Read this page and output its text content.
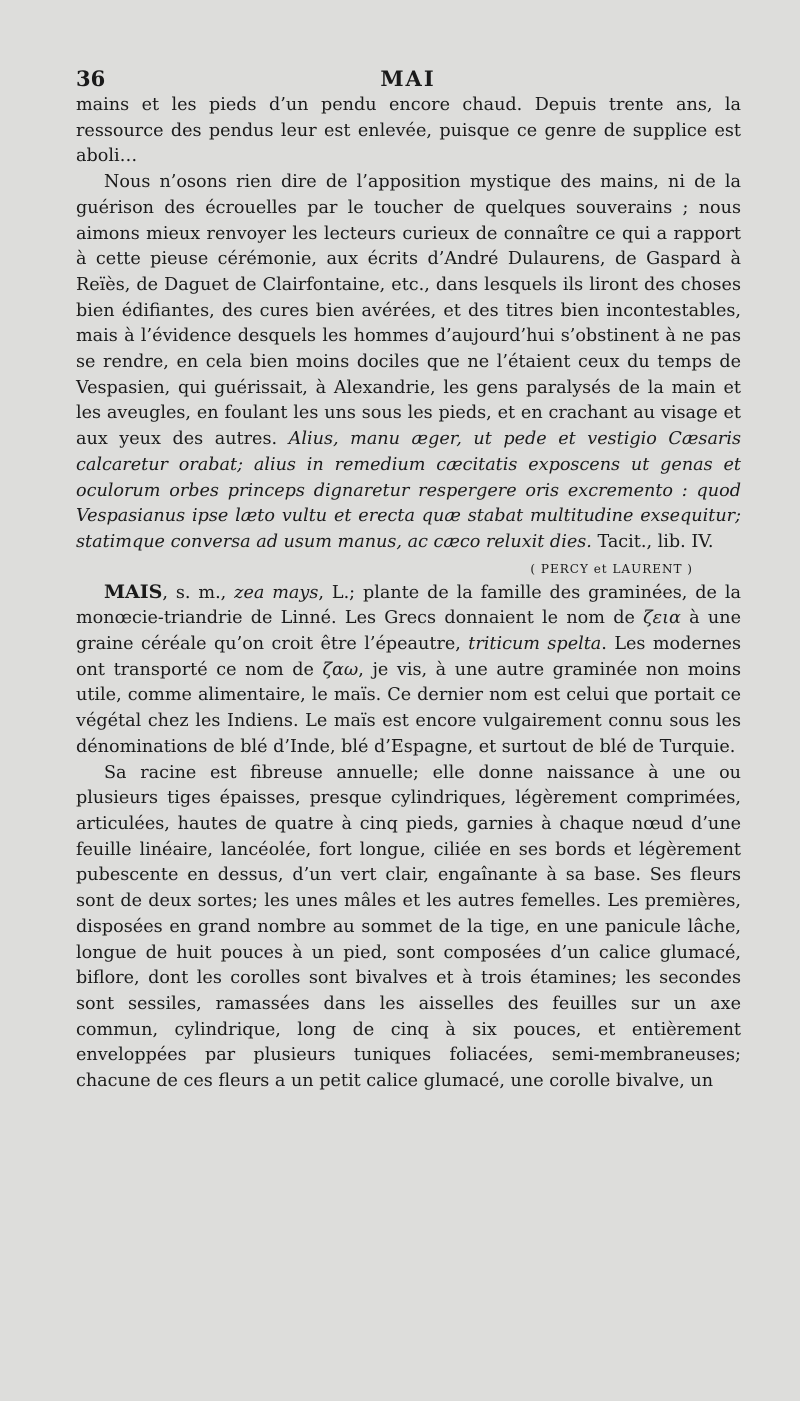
36	MAI

mains et les pieds d’un pendu encore chaud. Depuis trente ans, la ressource des pendus leur est enlevée, puisque ce genre de supplice est aboli…

Nous n’osons rien dire de l’apposition mystique des mains, ni de la guérison des écrouelles par le toucher de quelques souverains ; nous aimons mieux renvoyer les lecteurs curieux de connaître ce qui a rapport à cette pieuse cérémonie, aux écrits d’André Dulaurens, de Gaspard à Reïès, de Daguet de Clairfontaine, etc., dans lesquels ils liront des choses bien édifiantes, des cures bien avérées, et des titres bien incontestables, mais à l’évidence desquels les hommes d’aujourd’hui s’obstinent à ne pas se rendre, en cela bien moins dociles que ne l’étaient ceux du temps de Vespasien, qui guérissait, à Alexandrie, les gens paralysés de la main et les aveugles, en foulant les uns sous les pieds, et en crachant au visage et aux yeux des autres. Alius, manu æger, ut pede et vestigio Cæsaris calcaretur orabat; alius in remedium cæcitatis exposcens ut genas et oculorum orbes princeps dignaretur respergere oris excremento : quod Vespasianus ipse læto vultu et erecta quæ stabat multitudine exsequitur; statimque conversa ad usum manus, ac cæco reluxit dies. Tacit., lib. IV.

( PERCY et LAURENT )

MAIS, s. m., zea mays, L.; plante de la famille des graminées, de la monœcie-triandrie de Linné. Les Grecs donnaient le nom de ζεια à une graine céréale qu’on croit être l’épeautre, triticum spelta. Les modernes ont transporté ce nom de ζαω, je vis, à une autre graminée non moins utile, comme alimentaire, le maïs. Ce dernier nom est celui que portait ce végétal chez les Indiens. Le maïs est encore vulgairement connu sous les dénominations de blé d’Inde, blé d’Espagne, et surtout de blé de Turquie.

Sa racine est fibreuse annuelle; elle donne naissance à une ou plusieurs tiges épaisses, presque cylindriques, légèrement comprimées, articulées, hautes de quatre à cinq pieds, garnies à chaque nœud d’une feuille linéaire, lancéolée, fort longue, ciliée en ses bords et légèrement pubescente en dessus, d’un vert clair, engaînante à sa base. Ses fleurs sont de deux sortes; les unes mâles et les autres femelles. Les premières, disposées en grand nombre au sommet de la tige, en une panicule lâche, longue de huit pouces à un pied, sont composées d’un calice glumacé, biflore, dont les corolles sont bivalves et à trois étamines; les secondes sont sessiles, ramassées dans les aisselles des feuilles sur un axe commun, cylindrique, long de cinq à six pouces, et entièrement enveloppées par plusieurs tuniques foliacées, semi-membraneuses; chacune de ces fleurs a un petit calice glumacé, une corolle bivalve, un
